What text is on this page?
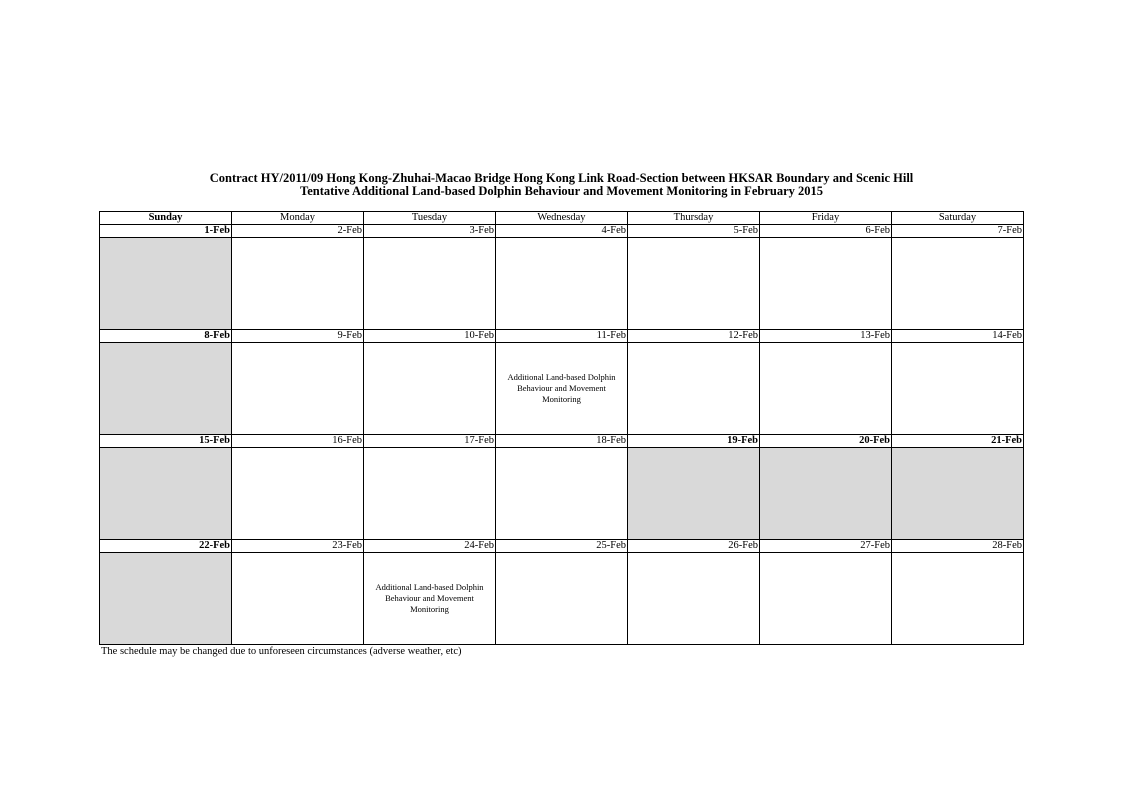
Contract HY/2011/09 Hong Kong-Zhuhai-Macao Bridge Hong Kong Link Road-Section between HKSAR Boundary and Scenic Hill
Tentative Additional Land-based Dolphin Behaviour and Movement Monitoring in February 2015
Sunday	Monday	Tuesday	Wednesday	Thursday	Friday	Saturday
1-Feb	2-Feb	3-Feb	4-Feb	5-Feb	6-Feb	7-Feb

8-Feb	9-Feb	10-Feb	11-Feb	12-Feb	13-Feb	14-Feb

			Additional Land-based Dolphin Behaviour and Movement Monitoring			

15-Feb	16-Feb	17-Feb	18-Feb	19-Feb	20-Feb	21-Feb

22-Feb	23-Feb	24-Feb	25-Feb	26-Feb	27-Feb	28-Feb

		Additional Land-based Dolphin Behaviour and Movement Monitoring				

The schedule may be changed due to unforeseen circumstances (adverse weather, etc)
